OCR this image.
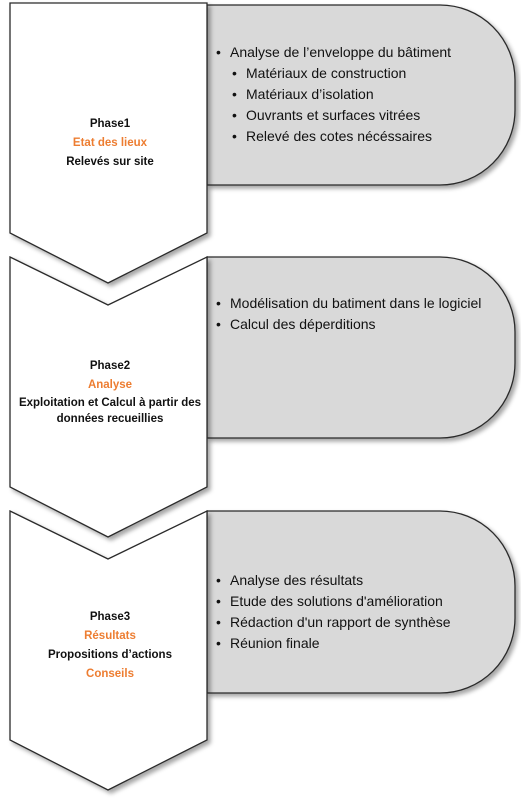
Phase1
Etat des lieux
Relevés sur site
• Analyse de l’enveloppe du bâtiment
• Matériaux de construction
• Matériaux d’isolation
• Ouvrants et surfaces vitrées
• Relevé des cotes nécéssaires
Phase2
Analyse
Exploitation et Calcul à partir des
données recueillies
• Modélisation du batiment dans le logiciel
• Calcul des déperditions
Phase3
Résultats
Propositions d’actions
Conseils
• Analyse des résultats
• Etude des solutions d'amélioration
• Rédaction d'un rapport de synthèse
• Réunion finale
